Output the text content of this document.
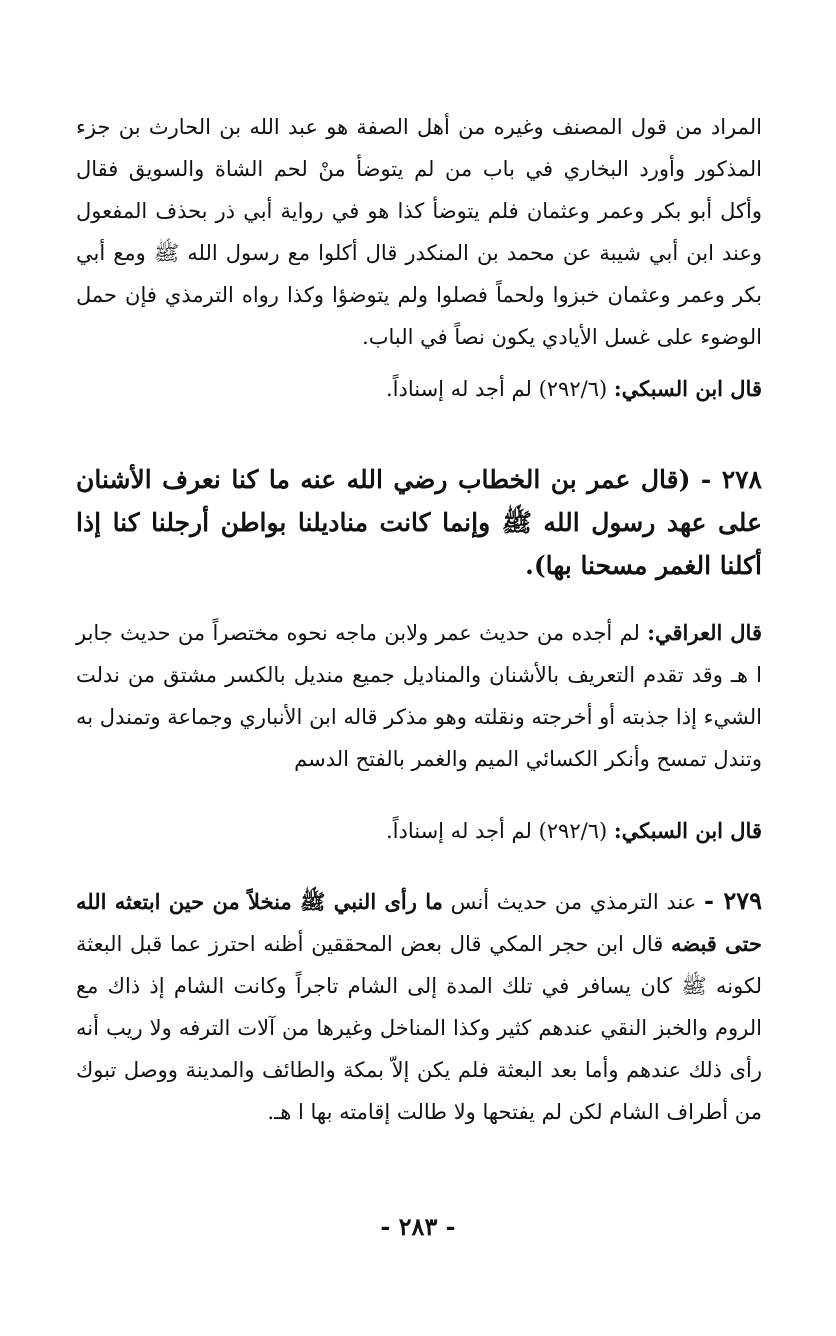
المراد من قول المصنف وغيره من أهل الصفة هو عبد الله بن الحارث بن جزء المذكور وأورد البخاري في باب من لم يتوضأ منْ لحم الشاة والسويق فقال وأكل أبو بكر وعمر وعثمان فلم يتوضأ كذا هو في رواية أبي ذر بحذف المفعول وعند ابن أبي شيبة عن محمد بن المنكدر قال أكلوا مع رسول الله ﷺ ومع أبي بكر وعمر وعثمان خبزوا ولحماً فصلوا ولم يتوضؤا وكذا رواه الترمذي فإن حمل الوضوء على غسل الأيادي يكون نصاً في الباب.

قال ابن السبكي: (٢٩٢/٦) لم أجد له إسناداً.

٢٧٨ - (قال عمر بن الخطاب رضي الله عنه ما كنا نعرف الأشنان على عهد رسول الله ﷺ وإنما كانت مناديلنا بواطن أرجلنا كنا إذا أكلنا الغمر مسحنا بها).

قال العراقي: لم أجده من حديث عمر ولابن ماجه نحوه مختصراً من حديث جابر ا هـ وقد تقدم التعريف بالأشنان والمناديل جميع منديل بالكسر مشتق من ندلت الشيء إذا جذبته أو أخرجته ونقلته وهو مذكر قاله ابن الأنباري وجماعة وتمندل به وتندل تمسح وأنكر الكسائي الميم والغمر بالفتح الدسم

قال ابن السبكي: (٢٩٢/٦) لم أجد له إسناداً.

٢٧٩ - عند الترمذي من حديث أنس ما رأى النبي ﷺ منخلاً من حين ابتعثه الله حتى قبضه قال ابن حجر المكي قال بعض المحققين أظنه احترز عما قبل البعثة لكونه ﷺ كان يسافر في تلك المدة إلى الشام تاجراً وكانت الشام إذ ذاك مع الروم والخبز النقي عندهم كثير وكذا المناخل وغيرها من آلات الترفه ولا ريب أنه رأى ذلك عندهم وأما بعد البعثة فلم يكن إلاّ بمكة والطائف والمدينة ووصل تبوك من أطراف الشام لكن لم يفتحها ولا طالت إقامته بها ا هـ.

- ٢٨٣ -
